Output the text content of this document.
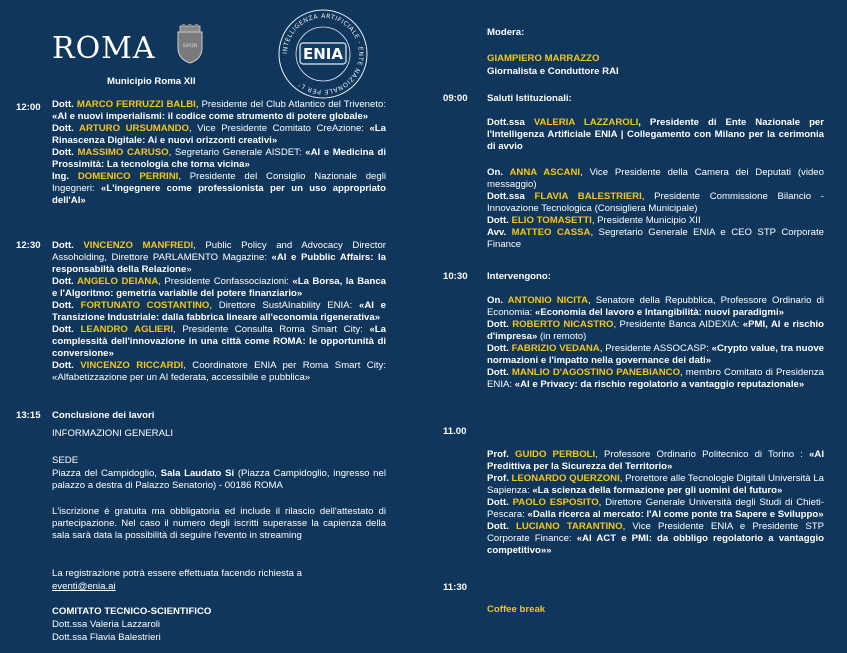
ROMA	SPQR
INTELLIGENZA ARTIFICIALE · ENTE NAZIONALE PER L'
ENIA
Municipio Roma XII
12:00 Dott. MARCO FERRUZZI BALBI, Presidente del Club Atlantico del Triveneto: «AI e nuovi imperialismi: il codice come strumento di potere globale»
Dott. ARTURO URSUMANDO, Vice Presidente Comitato CreAzione: «La Rinascenza Digitale: Ai e nuovi orizzonti creativi»
Dott. MASSIMO CARUSO, Segretario Generale AISDET: «AI e Medicina di Prossimità: La tecnologia che torna vicina»
Ing. DOMENICO PERRINI, Presidente del Consiglio Nazionale degli Ingegneri: «L'ingegnere come professionista per un uso appropriato dell'AI»
12:30 Dott. VINCENZO MANFREDI, Public Policy and Advocacy Director Assoholding, Direttore PARLAMENTO Magazine: «AI e Pubblic Affairs: la responsabiltà della Relazione»
Dott. ANGELO DEIANA, Presidente Confassociazioni: «La Borsa, la Banca e l'Algoritmo: gemetria variabile del potere finanziario»
Dott. FORTUNATO COSTANTINO, Direttore SustAInability ENIA: «AI e Transizione Industriale: dalla fabbrica lineare all'economia rigenerativa»
Dott. LEANDRO AGLIERI, Presidente Consulta Roma Smart City: «La complessità dell'innovazione in una città come ROMA: le opportunità di conversione»
Dott. VINCENZO RICCARDI, Coordinatore ENIA per Roma Smart City: «Alfabetizzazione per un AI federata, accessibile e pubblica»
13:15 Conclusione dei lavori
INFORMAZIONI GENERALI
SEDE
Piazza del Campidoglio, Sala Laudato Si (Piazza Campidoglio, ingresso nel palazzo a destra di Palazzo Senatorio) - 00186 ROMA
L'iscrizione è gratuita ma obbligatoria ed include il rilascio dell'attestato di partecipazione. Nel caso il numero degli iscritti superasse la capienza della sala sarà data la possibilità di seguire l'evento in streaming
La registrazione potrà essere effettuata facendo richiesta a
eventi@enia.ai
COMITATO TECNICO-SCIENTIFICO
Dott.ssa Valeria Lazzaroli
Dott.ssa Flavia Balestrieri
Modera:
GIAMPIERO MARRAZZO
Giornalista e Conduttore RAI
09:00 Saluti Istituzionali:
Dott.ssa VALERIA LAZZAROLI, Presidente di Ente Nazionale per l'Intelligenza Artificiale ENIA | Collegamento con Milano per la cerimonia di avvio
On. ANNA ASCANI, Vice Presidente della Camera dei Deputati (video messaggio)
Dott.ssa FLAVIA BALESTRIERI, Presidente Commissione Bilancio - Innovazione Tecnologica (Consigliera Municipale)
Dott. ELIO TOMASETTI, Presidente Municipio XII
Avv. MATTEO CASSA, Segretario Generale ENIA e CEO STP Corporate Finance
10:30 Intervengono:
On. ANTONIO NICITA, Senatore della Repubblica, Professore Ordinario di Economia: «Economia del lavoro e Intangibilità: nuovi paradigmi»
Dott. ROBERTO NICASTRO, Presidente Banca AIDEXIA: «PMI, AI e rischio d'impresa» (in remoto)
Dott. FABRIZIO VEDANA, Presidente ASSOCASP: «Crypto value, tra nuove normazioni e l'impatto nella governance dei dati»
Dott. MANLIO D'AGOSTINO PANEBIANCO, membro Comitato di Presidenza ENIA: «AI e Privacy: da rischio regolatorio a vantaggio reputazionale»
11.00
Prof. GUIDO PERBOLI, Professore Ordinario Politecnico di Torino : «AI Predittiva per la Sicurezza del Territorio»
Prof. LEONARDO QUERZONI, Prorettore alle Tecnologie Digitali Università La Sapienza: «La scienza della formazione per gli uomini del futuro»
Dott. PAOLO ESPOSITO, Direttore Generale Università degli Studi di Chieti-Pescara: «Dalla ricerca al mercato: l'AI come ponte tra Sapere e Sviluppo»
Dott. LUCIANO TARANTINO, Vice Presidente ENIA e Presidente STP Corporate Finance: «AI ACT e PMI: da obbligo regolatorio a vantaggio competitivo»»
11:30
Coffee break
